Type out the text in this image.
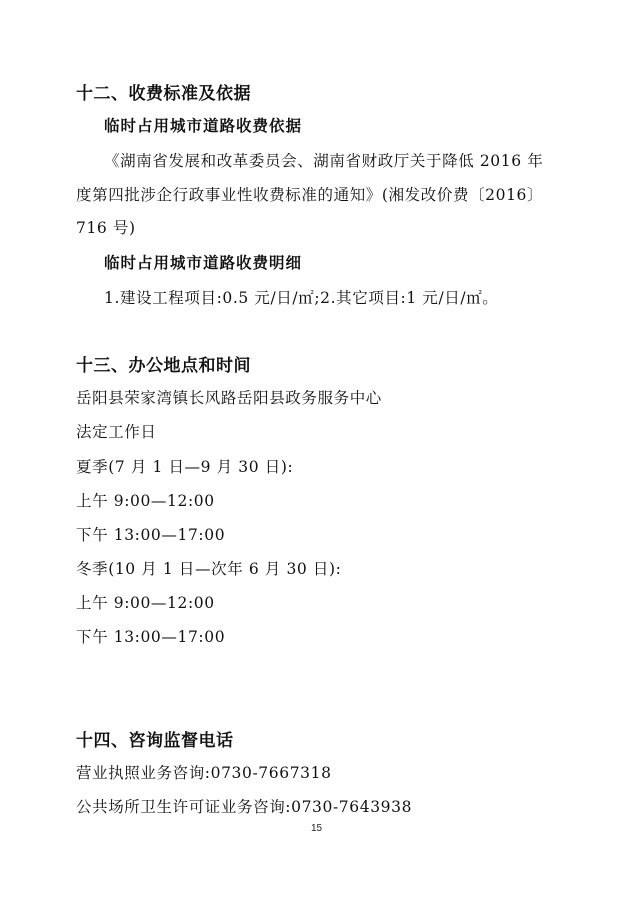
十二、收费标准及依据
临时占用城市道路收费依据

《湖南省发展和改革委员会、湖南省财政厅关于降低 2016 年

度第四批涉企行政事业性收费标准的通知》(湘发改价费〔2016〕

716 号)

临时占用城市道路收费明细

1.建设工程项目:0.5 元/日/㎡;2.其它项目:1 元/日/㎡。

十三、办公地点和时间

岳阳县荣家湾镇长风路岳阳县政务服务中心

法定工作日

夏季(7 月 1 日—9 月 30 日):

上午 9:00—12:00

下午 13:00—17:00

冬季(10 月 1 日—次年 6 月 30 日):

上午 9:00—12:00

下午 13:00—17:00

十四、咨询监督电话

营业执照业务咨询:0730-7667318

公共场所卫生许可证业务咨询:0730-7643938

15
